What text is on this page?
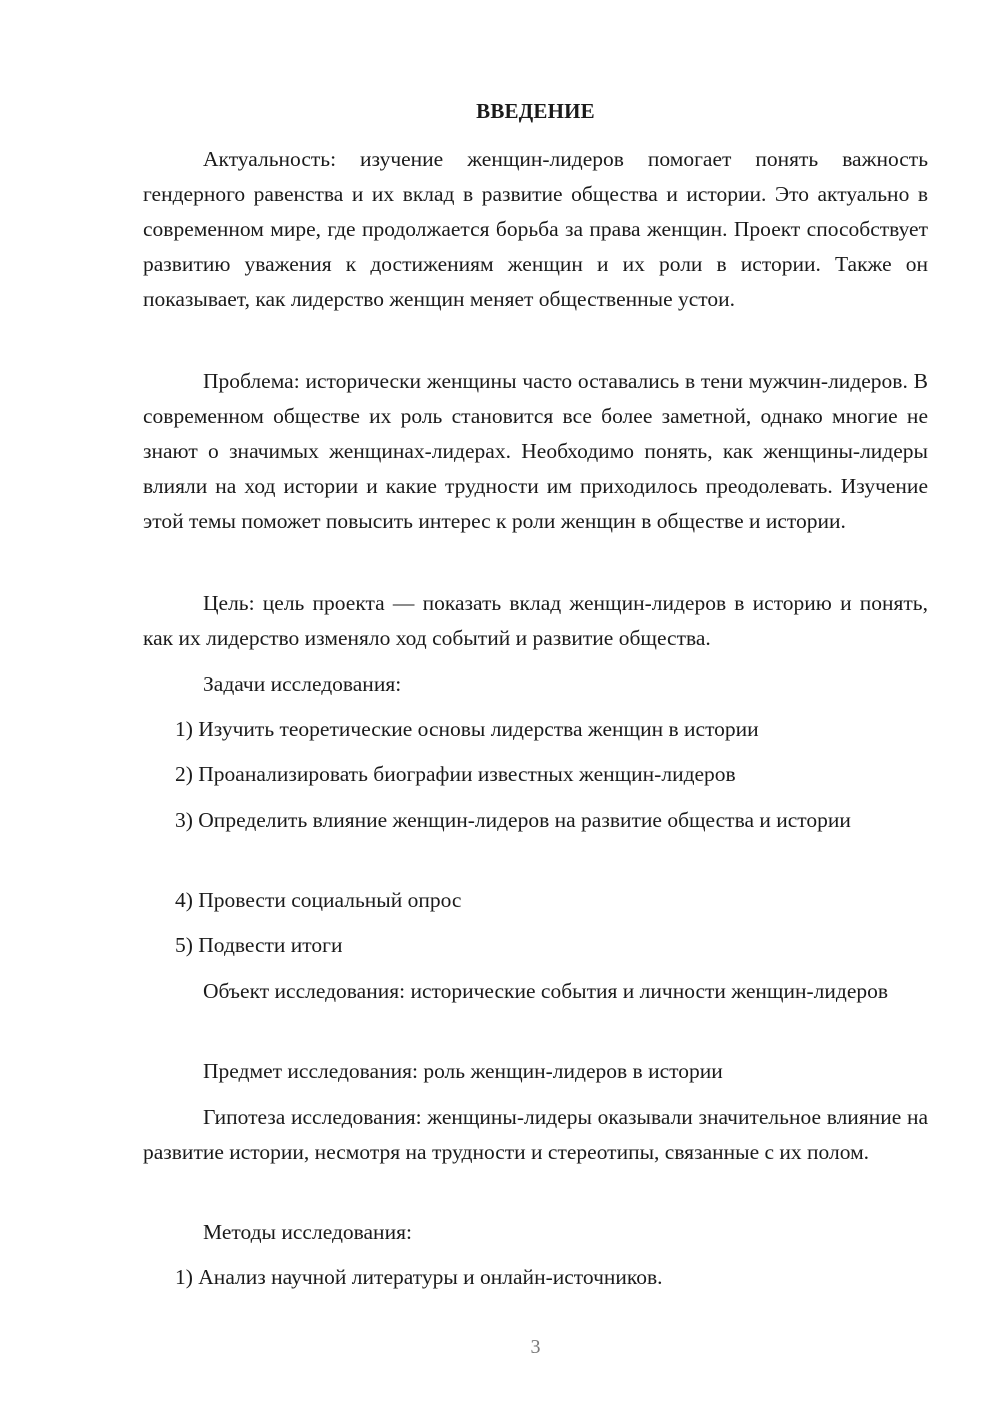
ВВЕДЕНИЕ

Актуальность: изучение женщин-лидеров помогает понять важность гендерного равенства и их вклад в развитие общества и истории. Это актуально в современном мире, где продолжается борьба за права женщин. Проект способствует развитию уважения к достижениям женщин и их роли в истории. Также он показывает, как лидерство женщин меняет общественные устои.

Проблема: исторически женщины часто оставались в тени мужчин-лидеров. В современном обществе их роль становится все более заметной, однако многие не знают о значимых женщинах-лидерах. Необходимо понять, как женщины-лидеры влияли на ход истории и какие трудности им приходилось преодолевать. Изучение этой темы поможет повысить интерес к роли женщин в обществе и истории.

Цель: цель проекта — показать вклад женщин-лидеров в историю и понять, как их лидерство изменяло ход событий и развитие общества.

Задачи исследования:

1) Изучить теоретические основы лидерства женщин в истории

2) Проанализировать биографии известных женщин-лидеров

3) Определить влияние женщин-лидеров на развитие общества и истории

4) Провести социальный опрос

5) Подвести итоги

Объект исследования: исторические события и личности женщин-лидеров

Предмет исследования: роль женщин-лидеров в истории

Гипотеза исследования: женщины-лидеры оказывали значительное влияние на развитие истории, несмотря на трудности и стереотипы, связанные с их полом.

Методы исследования:

1) Анализ научной литературы и онлайн-источников.

3
